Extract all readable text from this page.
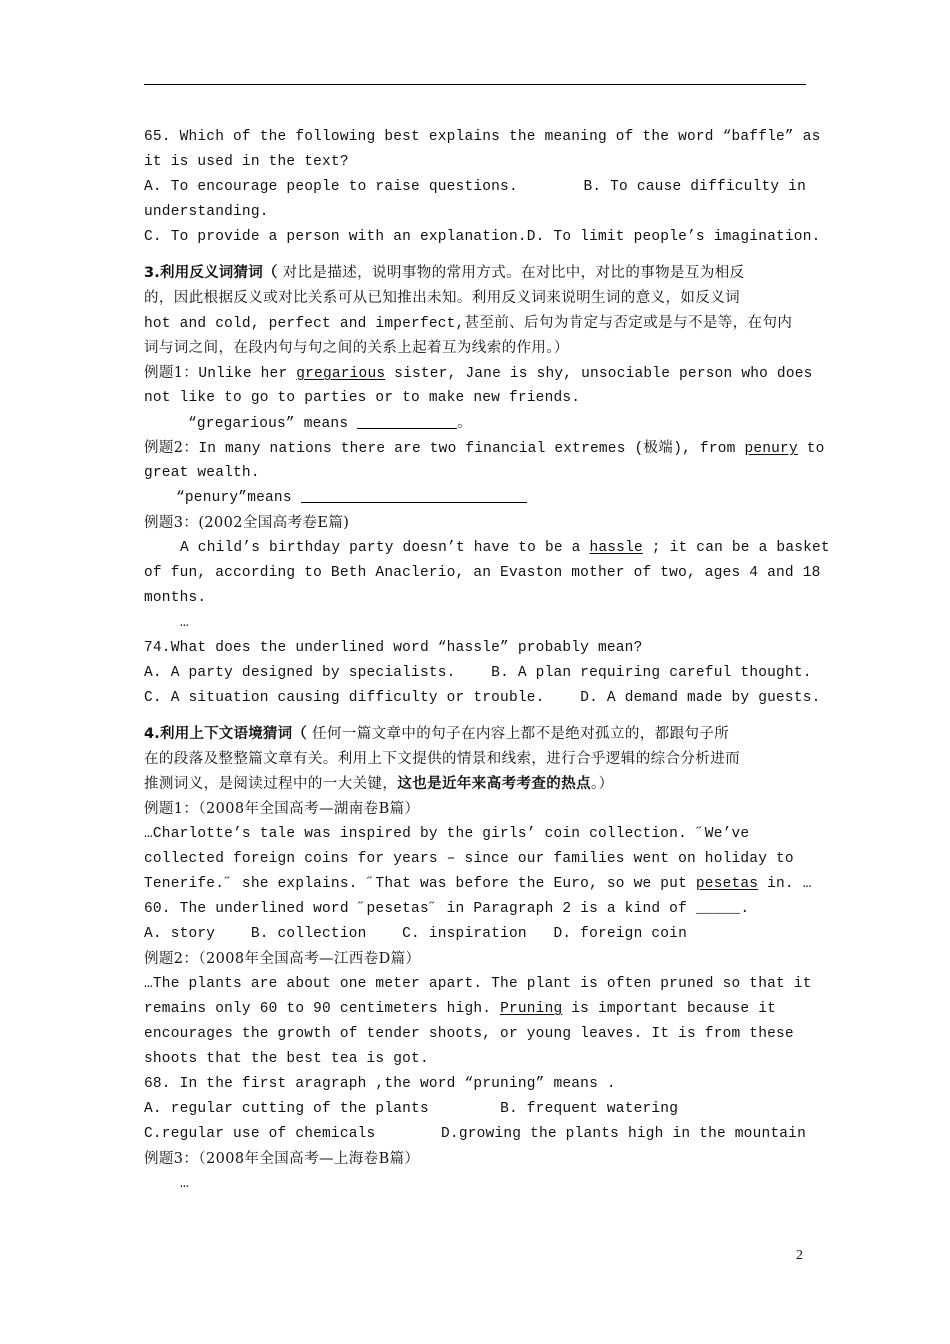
65. Which of the following best explains the meaning of the word “baffle” as
it is used in the text?
A. To encourage people to raise questions.	B. To cause difficulty in
understanding.
C. To provide a person with an explanation. D. To limit people’s imagination.
3.利用反义词猜词（ 对比是描述，说明事物的常用方式。在对比中，对比的事物是互为相反
的，因此根据反义或对比关系可从已知推出未知。利用反义词来说明生词的意义，如反义词
hot and cold, perfect and imperfect,甚至前、后句为肯定与否定或是与不是等，在句内
词与词之间，在段内句与句之间的关系上起着互为线索的作用。）
例题1：Unlike her gregarious sister, Jane is shy, unsociable person who does
not like to go to parties or to make new friends.
“gregarious” means	。
例题2：In many nations there are two financial extremes (极端), from penury to
great wealth.
“penury”means
例题3：(2002全国高考卷E篇)
A child’s birthday party doesn’t have to be a hassle ; it can be a basket
of fun, according to Beth Anaclerio, an Evaston mother of two, ages 4 and 18
months.
…
74.What does the underlined word “hassle” probably mean?
A. A party designed by specialists. B. A plan requiring careful thought.
C. A situation causing difficulty or trouble. D. A demand made by guests.
4.利用上下文语境猜词（ 任何一篇文章中的句子在内容上都不是绝对孤立的，都跟句子所
在的段落及整整篇文章有关。利用上下文提供的情景和线索，进行合乎逻辑的综合分析进而
推测词义，是阅读过程中的一大关键，这也是近年来高考考查的热点。）
例题1：（2008年全国高考—湖南卷B篇）
…Charlotte’s tale was inspired by the girls’ coin collection. ˝We’ve
collected foreign coins for years – since our families went on holiday to
Tenerife.˝ she explains. ˝That was before the Euro, so we put pesetas in. …
60. The underlined word ˝pesetas˝ in Paragraph 2 is a kind of _____.
A. story    B. collection    C. inspiration   D. foreign coin
例题2：（2008年全国高考—江西卷D篇）
…The plants are about one meter apart. The plant is often pruned so that it
remains only 60 to 90 centimeters high. Pruning is important because it
encourages the growth of tender shoots, or young leaves. It is from these
shoots that the best tea is got.
68. In the first aragraph ,the word “pruning” means .
A. regular cutting of the plants	B. frequent watering
C.regular use of chemicals	D.growing the plants high in the mountain
例题3：（2008年全国高考—上海卷B篇）
…
2
